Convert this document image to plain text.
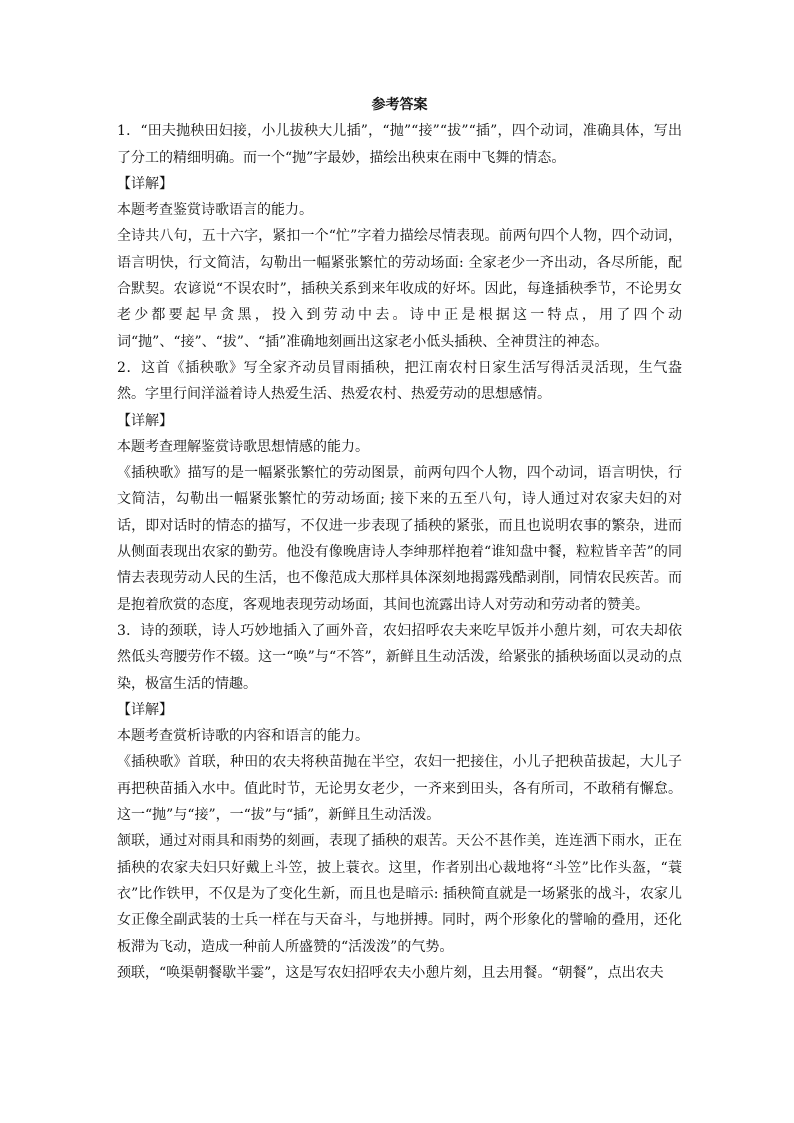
参考答案

1．“田夫抛秧田妇接，小儿拔秧大儿插”，“抛”“接”“拔”“插”，四个动词，准确具体，写出了分工的精细明确。而一个“抛”字最妙，描绘出秧束在雨中飞舞的情态。

【详解】

本题考查鉴赏诗歌语言的能力。

全诗共八句，五十六字，紧扣一个“忙”字着力描绘尽情表现。前两句四个人物，四个动词，语言明快，行文简洁，勾勒出一幅紧张繁忙的劳动场面: 全家老少一齐出动，各尽所能，配合默契。农谚说“不误农时”，插秧关系到来年收成的好坏。因此，每逢插秧季节，不论男女老少都要起早贪黑，投入到劳动中去。诗中正是根据这一特点，用了四个动词“抛”、“接”、“拔”、“插”准确地刻画出这家老小低头插秧、全神贯注的神态。

2．这首《插秧歌》写全家齐动员冒雨插秧，把江南农村日家生活写得活灵活现，生气盎然。字里行间洋溢着诗人热爱生活、热爱农村、热爱劳动的思想感情。

【详解】

本题考查理解鉴赏诗歌思想情感的能力。

《插秧歌》描写的是一幅紧张繁忙的劳动图景，前两句四个人物，四个动词，语言明快，行文简洁，勾勒出一幅紧张繁忙的劳动场面; 接下来的五至八句，诗人通过对农家夫妇的对话，即对话时的情态的描写，不仅进一步表现了插秧的紧张，而且也说明农事的繁杂，进而从侧面表现出农家的勤劳。他没有像晚唐诗人李绅那样抱着“谁知盘中餐，粒粒皆辛苦”的同情去表现劳动人民的生活，也不像范成大那样具体深刻地揭露残酷剥削，同情农民疾苦。而是抱着欣赏的态度，客观地表现劳动场面，其间也流露出诗人对劳动和劳动者的赞美。

3．诗的颈联，诗人巧妙地插入了画外音，农妇招呼农夫来吃早饭并小憩片刻，可农夫却依然低头弯腰劳作不辍。这一“唤”与“不答”，新鲜且生动活泼，给紧张的插秧场面以灵动的点染，极富生活的情趣。

【详解】

本题考查赏析诗歌的内容和语言的能力。

《插秧歌》首联，种田的农夫将秧苗抛在半空，农妇一把接住，小儿子把秧苗拔起，大儿子再把秧苗插入水中。值此时节，无论男女老少，一齐来到田头，各有所司，不敢稍有懈怠。这一“抛”与“接”，一“拔”与“插”，新鲜且生动活泼。

颔联，通过对雨具和雨势的刻画，表现了插秧的艰苦。天公不甚作美，连连洒下雨水，正在插秧的农家夫妇只好戴上斗笠，披上蓑衣。这里，作者别出心裁地将“斗笠”比作头盔，“蓑衣”比作铁甲，不仅是为了变化生新，而且也是暗示: 插秧简直就是一场紧张的战斗，农家儿女正像全副武装的士兵一样在与天奋斗，与地拼搏。同时，两个形象化的譬喻的叠用，还化板滞为飞动，造成一种前人所盛赞的“活泼泼”的气势。

颈联，“唤渠朝餐歇半霎”，这是写农妇招呼农夫小憩片刻，且去用餐。“朝餐”，点出农夫
